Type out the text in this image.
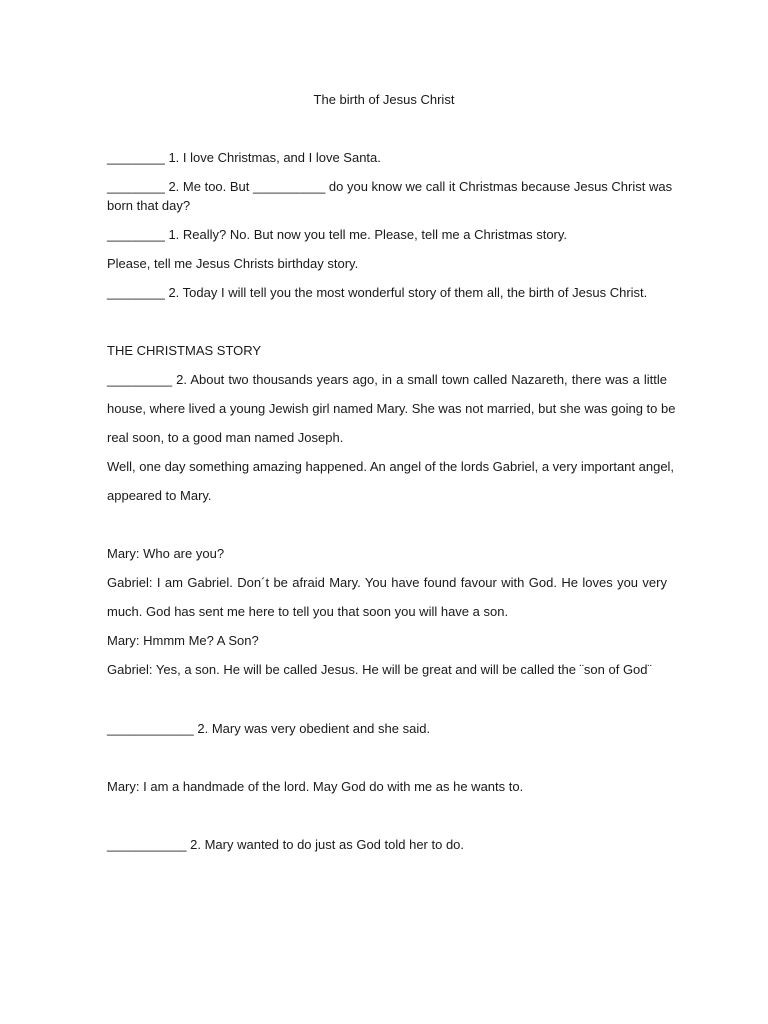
The birth of Jesus Christ
________ 1. I love Christmas, and I love Santa.
________ 2. Me too. But __________ do you know we call it Christmas because Jesus Christ was
born that day?
________ 1. Really? No. But now you tell me. Please, tell me a Christmas story.
Please, tell me Jesus Christs birthday story.
________ 2. Today I will tell you the most wonderful story of them all, the birth of Jesus Christ.
THE CHRISTMAS STORY
_________ 2. About two thousands years ago, in a small town called Nazareth, there was a little
house, where lived a young Jewish girl named Mary. She was not married, but she was going to be
real soon, to a good man named Joseph.
Well, one day something amazing happened. An angel of the lords Gabriel, a very important angel,
appeared to Mary.
Mary: Who are you?
Gabriel: I am Gabriel. Don´t be afraid Mary. You have found favour with God. He loves you very
much. God has sent me here to tell you that soon you will have a son.
Mary: Hmmm Me? A Son?
Gabriel: Yes, a son. He will be called Jesus. He will be great and will be called the ¨son of God¨
____________ 2. Mary was very obedient and she said.
Mary: I am a handmade of the lord. May God do with me as he wants to.
___________ 2. Mary wanted to do just as God told her to do.
